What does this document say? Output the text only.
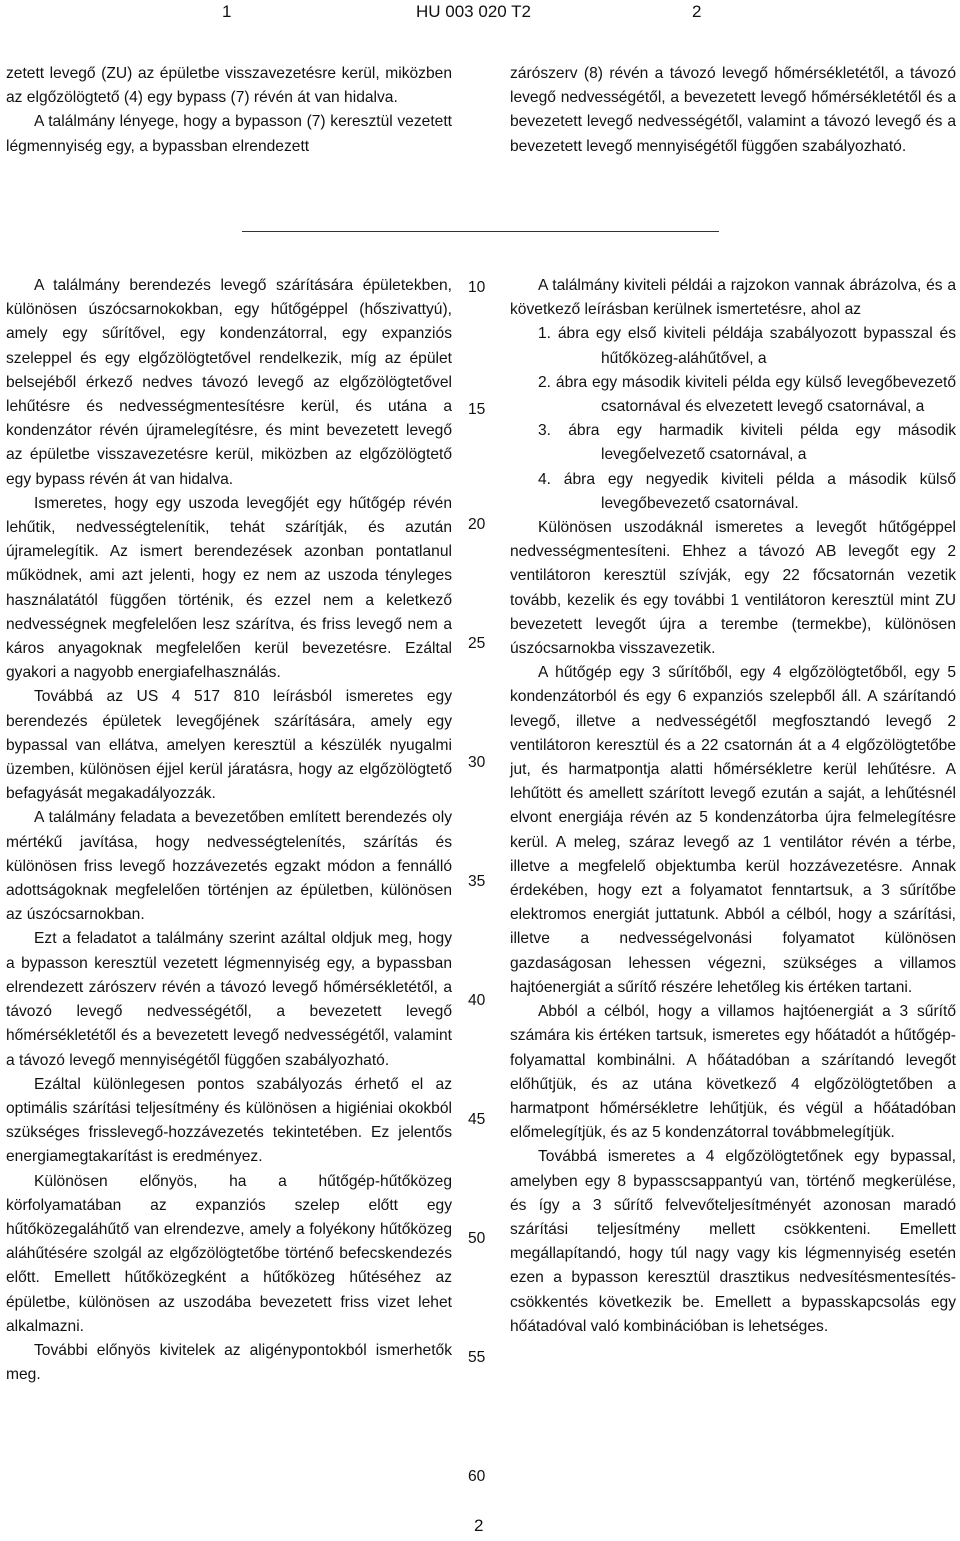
1	HU 003 020 T2	2

zetett levegő (ZU) az épületbe visszavezetésre kerül, miközben az elgőzölögtető (4) egy bypass (7) révén át van hidalva.

A találmány lényege, hogy a bypasson (7) keresztül vezetett légmennyiség egy, a bypassban elrendezett

zárószerv (8) révén a távozó levegő hőmérsékletétől, a távozó levegő nedvességétől, a bevezetett levegő hőmérsékletétől és a bevezetett levegő nedvességétől, valamint a távozó levegő és a bevezetett levegő mennyiségétől függően szabályozható.

A találmány berendezés levegő szárítására épületekben, különösen úszócsarnokokban, egy hűtőgéppel (hőszivattyú), amely egy sűrítővel, egy kondenzátorral, egy expanziós szeleppel és egy elgőzölögtetővel rendelkezik, míg az épület belsejéből érkező nedves távozó levegő az elgőzölögtetővel lehűtésre és nedvességmentesítésre kerül, és utána a kondenzátor révén újramelegítésre, és mint bevezetett levegő az épületbe visszavezetésre kerül, miközben az elgőzölögtető egy bypass révén át van hidalva.

Ismeretes, hogy egy uszoda levegőjét egy hűtőgép révén lehűtik, nedvességtelenítik, tehát szárítják, és azután újramelegítik. Az ismert berendezések azonban pontatlanul működnek, ami azt jelenti, hogy ez nem az uszoda tényleges használatától függően történik, és ezzel nem a keletkező nedvességnek megfelelően lesz szárítva, és friss levegő nem a káros anyagoknak megfelelően kerül bevezetésre. Ezáltal gyakori a nagyobb energiafelhasználás.

Továbbá az US 4 517 810 leírásból ismeretes egy berendezés épületek levegőjének szárítására, amely egy bypassal van ellátva, amelyen keresztül a készülék nyugalmi üzemben, különösen éjjel kerül járatásra, hogy az elgőzölögtető befagyását megakadályozzák.

A találmány feladata a bevezetőben említett berendezés oly mértékű javítása, hogy nedvességtelenítés, szárítás és különösen friss levegő hozzávezetés egzakt módon a fennálló adottságoknak megfelelően történjen az épületben, különösen az úszócsarnokban.

Ezt a feladatot a találmány szerint azáltal oldjuk meg, hogy a bypasson keresztül vezetett légmennyiség egy, a bypassban elrendezett zárószerv révén a távozó levegő hőmérsékletétől, a távozó levegő nedvességétől, a bevezetett levegő hőmérsékletétől és a bevezetett levegő nedvességétől, valamint a távozó levegő mennyiségétől függően szabályozható.

Ezáltal különlegesen pontos szabályozás érhető el az optimális szárítási teljesítmény és különösen a higiéniai okokból szükséges frisslevegő-hozzávezetés tekintetében. Ez jelentős energiamegtakarítást is eredményez.

Különösen előnyös, ha a hűtőgép-hűtőközeg körfolyamatában az expanziós szelep előtt egy hűtőközegaláhűtő van elrendezve, amely a folyékony hűtőközeg aláhűtésére szolgál az elgőzölögtetőbe történő befecskendezés előtt. Emellett hűtőközegként a hűtőközeg hűtéséhez az épületbe, különösen az uszodába bevezetett friss vizet lehet alkalmazni.

További előnyös kivitelek az aligénypontokból ismerhetők meg.

A találmány kiviteli példái a rajzokon vannak ábrázolva, és a következő leírásban kerülnek ismertetésre, ahol az

1. ábra egy első kiviteli példája szabályozott bypasszal és hűtőközeg-aláhűtővel, a

2. ábra egy második kiviteli példa egy külső levegőbevezető csatornával és elvezetett levegő csatornával, a

3. ábra egy harmadik kiviteli példa egy második levegőelvezető csatornával, a

4. ábra egy negyedik kiviteli példa a második külső levegőbevezető csatornával.

Különösen uszodáknál ismeretes a levegőt hűtőgéppel nedvességmentesíteni. Ehhez a távozó AB levegőt egy 2 ventilátoron keresztül szívják, egy 22 főcsatornán vezetik tovább, kezelik és egy további 1 ventilátoron keresztül mint ZU bevezetett levegőt újra a terembe (termekbe), különösen úszócsarnokba visszavezetik.

A hűtőgép egy 3 sűrítőből, egy 4 elgőzölögtetőből, egy 5 kondenzátorból és egy 6 expanziós szelepből áll. A szárítandó levegő, illetve a nedvességétől megfosztandó levegő 2 ventilátoron keresztül és a 22 csatornán át a 4 elgőzölögtetőbe jut, és harmatpontja alatti hőmérsékletre kerül lehűtésre. A lehűtött és amellett szárított levegő ezután a saját, a lehűtésnél elvont energiája révén az 5 kondenzátorba újra felmelegítésre kerül. A meleg, száraz levegő az 1 ventilátor révén a térbe, illetve a megfelelő objektumba kerül hozzávezetésre. Annak érdekében, hogy ezt a folyamatot fenntartsuk, a 3 sűrítőbe elektromos energiát juttatunk. Abból a célból, hogy a szárítási, illetve a nedvességelvonási folyamatot különösen gazdaságosan lehessen végezni, szükséges a villamos hajtóenergiát a sűrítő részére lehetőleg kis értéken tartani.

Abból a célból, hogy a villamos hajtóenergiát a 3 sűrítő számára kis értéken tartsuk, ismeretes egy hőátadót a hűtőgép-folyamattal kombinálni. A hőátadóban a szárítandó levegőt előhűtjük, és az utána következő 4 elgőzölögtetőben a harmatpont hőmérsékletre lehűtjük, és végül a hőátadóban előmelegítjük, és az 5 kondenzátorral továbbmelegítjük.

Továbbá ismeretes a 4 elgőzölögtetőnek egy bypassal, amelyben egy 8 bypasscsappantyú van, történő megkerülése, és így a 3 sűrítő felvevőteljesítményét azonosan maradó szárítási teljesítmény mellett csökkenteni. Emellett megállapítandó, hogy túl nagy vagy kis légmennyiség esetén ezen a bypasson keresztül drasztikus nedvesítésmentesítés-csökkentés következik be. Emellett a bypasskapcsolás egy hőátadóval való kombinációban is lehetséges.

10
15
20
25
30
35
40
45
50
55
60
2
